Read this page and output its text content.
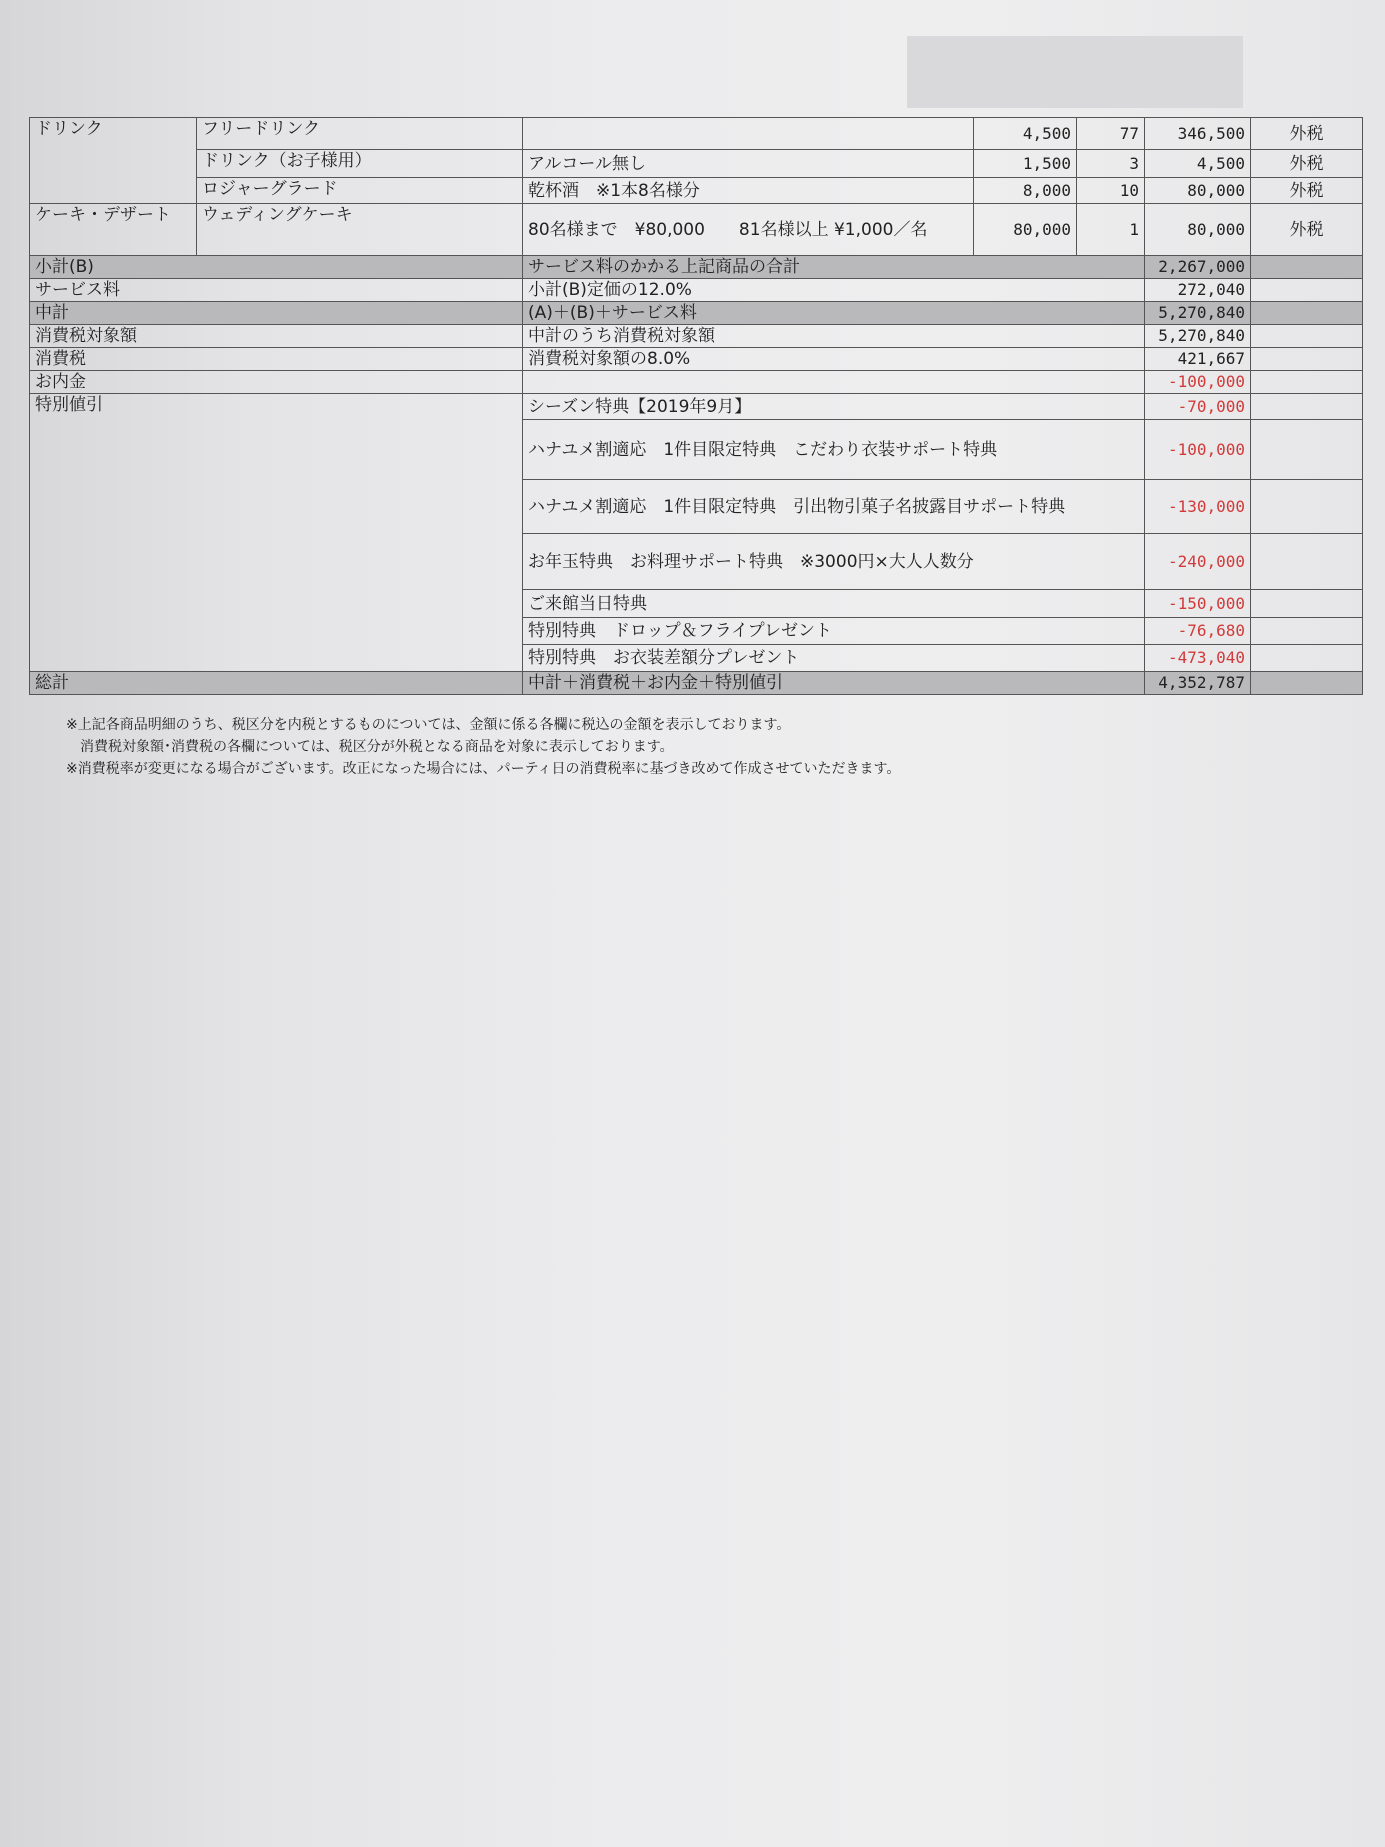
ドリンク	フリードリンク		4,500	77	346,500	外税
	ドリンク（お子様用）	アルコール無し	1,500	3	4,500	外税
	ロジャーグラード	乾杯酒　※1本8名様分	8,000	10	80,000	外税
ケーキ・デザート	ウェディングケーキ	80名様まで　¥80,000　　81名様以上 ¥1,000／名	80,000	1	80,000	外税
小計(B)		サービス料のかかる上記商品の合計			2,267,000	
サービス料		小計(B)定価の12.0%			272,040	
中計		(A)＋(B)＋サービス料			5,270,840	
消費税対象額		中計のうち消費税対象額			5,270,840	
消費税		消費税対象額の8.0%			421,667	
お内金					-100,000	
特別値引		シーズン特典【2019年9月】			-70,000	
		ハナユメ割適応　1件目限定特典　こだわり衣装サポート特典			-100,000	
		ハナユメ割適応　1件目限定特典　引出物引菓子名披露目サポート特典			-130,000	
		お年玉特典　お料理サポート特典　※3000円×大人人数分			-240,000	
		ご来館当日特典			-150,000	
		特別特典　ドロップ＆フライプレゼント			-76,680	
		特別特典　お衣装差額分プレゼント			-473,040	
総計		中計＋消費税＋お内金＋特別値引			4,352,787	
※上記各商品明細のうち、税区分を内税とするものについては、金額に係る各欄に税込の金額を表示しております。
　消費税対象額･消費税の各欄については、税区分が外税となる商品を対象に表示しております。
※消費税率が変更になる場合がございます。改正になった場合には、パーティ日の消費税率に基づき改めて作成させていただきます。
